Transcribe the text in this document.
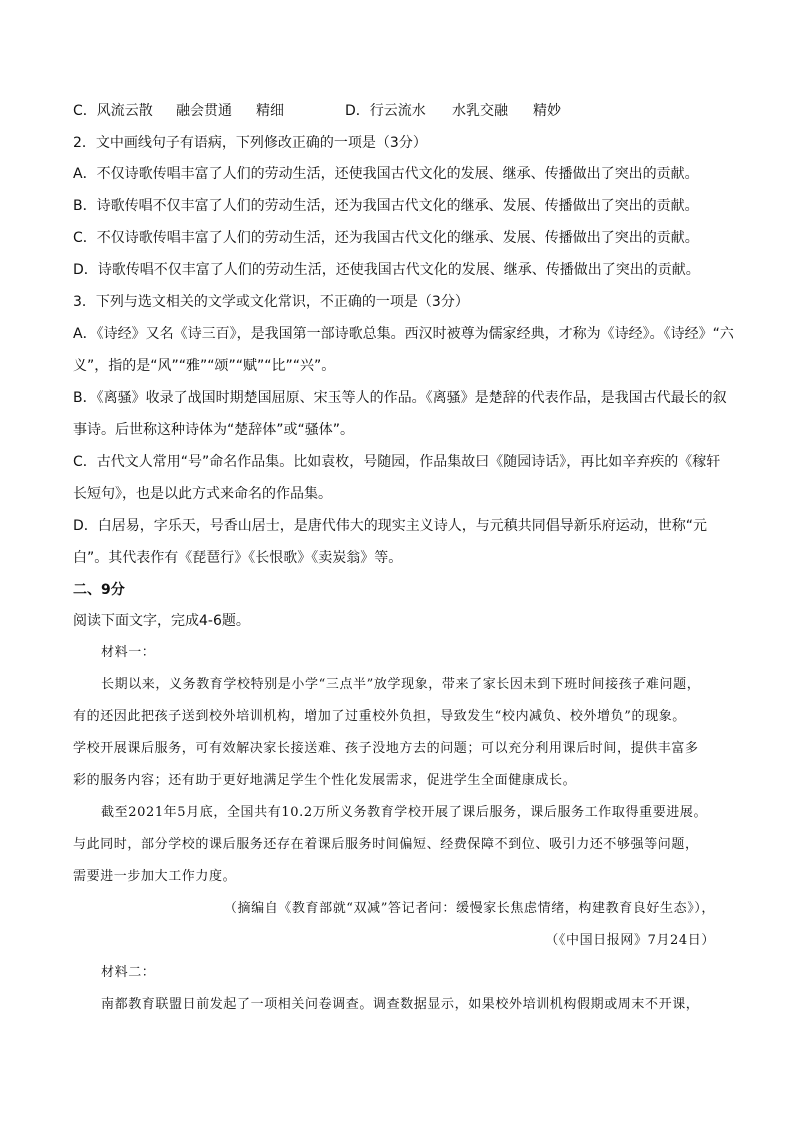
C．风流云散 融会贯通 精细	D．行云流水 水乳交融 精妙
2．文中画线句子有语病，下列修改正确的一项是（3分）
A．不仅诗歌传唱丰富了人们的劳动生活，还使我国古代文化的发展、继承、传播做出了突出的贡献。
B．诗歌传唱不仅丰富了人们的劳动生活，还为我国古代文化的继承、发展、传播做出了突出的贡献。
C．不仅诗歌传唱丰富了人们的劳动生活，还为我国古代文化的继承、发展、传播做出了突出的贡献。
D．诗歌传唱不仅丰富了人们的劳动生活，还使我国古代文化的发展、继承、传播做出了突出的贡献。
3．下列与选文相关的文学或文化常识，不正确的一项是（3分）
A．《诗经》又名《诗三百》，是我国第一部诗歌总集。西汉时被尊为儒家经典，才称为《诗经》。《诗经》“六
义”，指的是“风”“雅”“颂”“赋”“比”“兴”。
B．《离骚》收录了战国时期楚国屈原、宋玉等人的作品。《离骚》是楚辞的代表作品，是我国古代最长的叙
事诗。后世称这种诗体为“楚辞体”或“骚体”。
C．古代文人常用“号”命名作品集。比如袁枚，号随园，作品集故曰《随园诗话》，再比如辛弃疾的《稼轩
长短句》，也是以此方式来命名的作品集。
D．白居易，字乐天，号香山居士，是唐代伟大的现实主义诗人，与元稹共同倡导新乐府运动，世称“元
白”。其代表作有《琵琶行》《长恨歌》《卖炭翁》等。
二、9分
阅读下面文字，完成4-6题。
材料一：
长期以来，义务教育学校特别是小学“三点半”放学现象，带来了家长因未到下班时间接孩子难问题，
有的还因此把孩子送到校外培训机构，增加了过重校外负担，导致发生“校内减负、校外增负”的现象。
学校开展课后服务，可有效解决家长接送难、孩子没地方去的问题；可以充分利用课后时间，提供丰富多
彩的服务内容；还有助于更好地满足学生个性化发展需求，促进学生全面健康成长。
截至2021年5月底，全国共有10.2万所义务教育学校开展了课后服务，课后服务工作取得重要进展。
与此同时，部分学校的课后服务还存在着课后服务时间偏短、经费保障不到位、吸引力还不够强等问题，
需要进一步加大工作力度。
（摘编自《教育部就“双减”答记者问：缓慢家长焦虑情绪，构建教育良好生态》），
（《中国日报网》7月24日）
材料二：
南都教育联盟日前发起了一项相关问卷调查。调查数据显示，如果校外培训机构假期或周末不开课，
